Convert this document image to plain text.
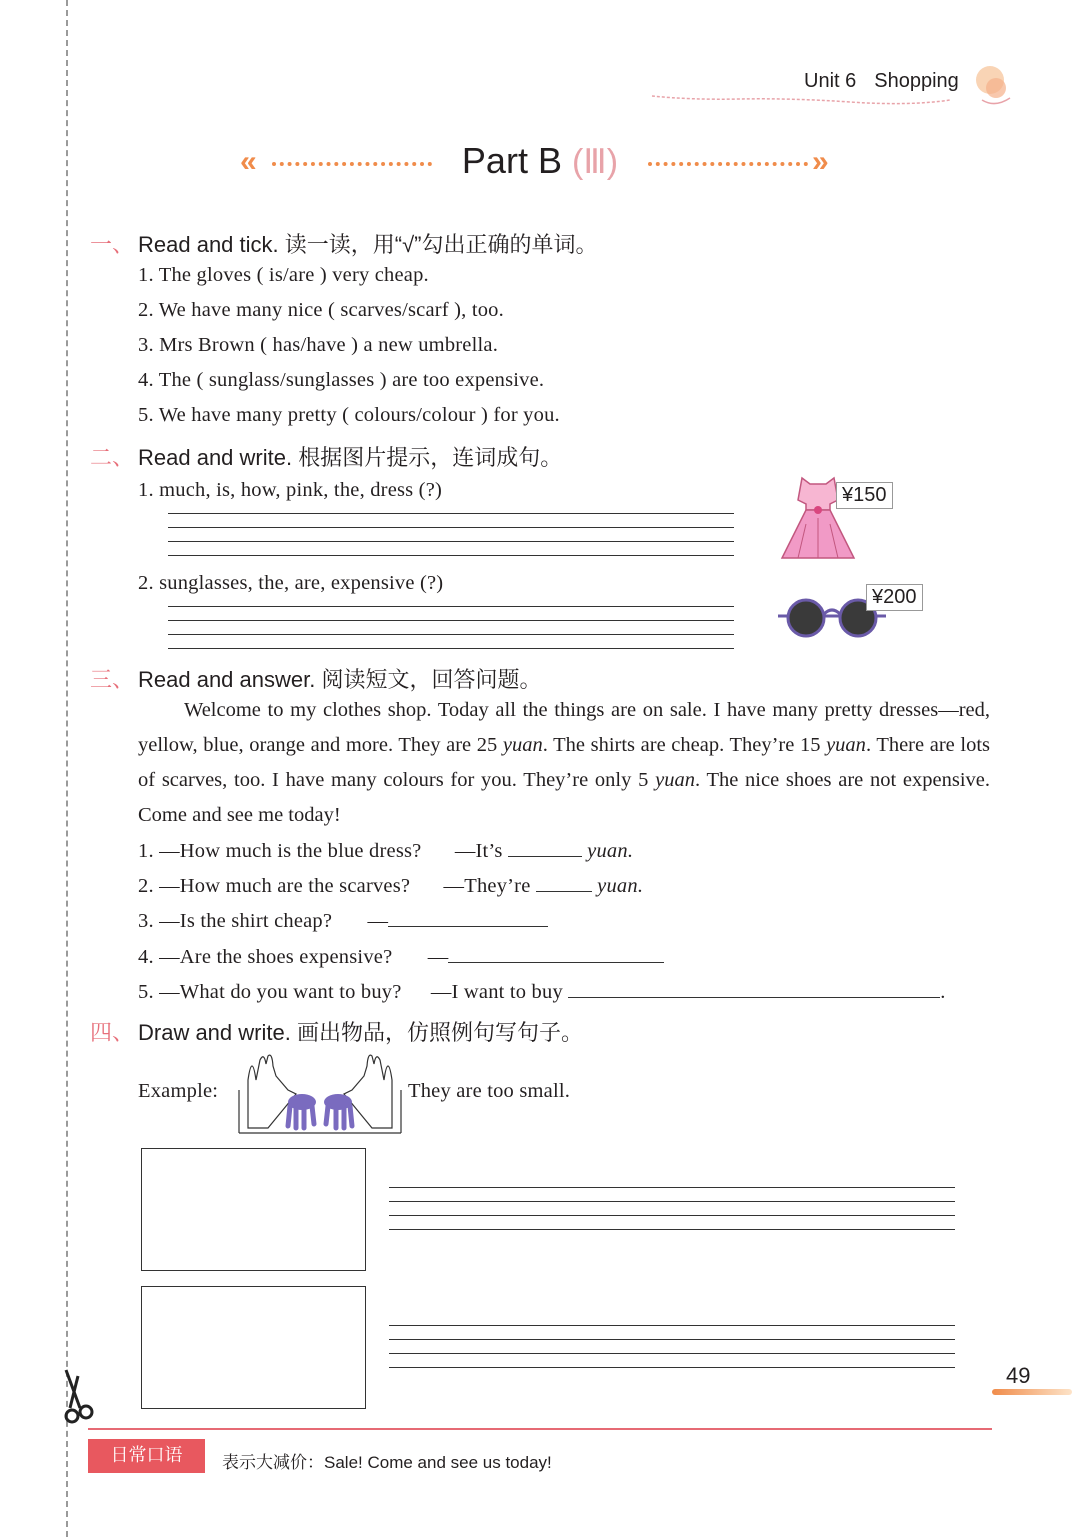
Unit 6 Shopping
«	Part B (Ⅲ)	»
一、 Read and tick. 读一读，用“√”勾出正确的单词。
1. The gloves ( is/are ) very cheap.
2. We have many nice ( scarves/scarf ), too.
3. Mrs Brown ( has/have ) a new umbrella.
4. The ( sunglass/sunglasses ) are too expensive.
5. We have many pretty ( colours/colour ) for you.
二、 Read and write. 根据图片提示，连词成句。
1. much, is, how, pink, the, dress (?)
2. sunglasses, the, are, expensive (?)
¥150
¥200
三、 Read and answer. 阅读短文，回答问题。
Welcome to my clothes shop. Today all the things are on sale. I have many pretty dresses—red, yellow, blue, orange and more. They are 25 yuan. The shirts are cheap. They’re 15 yuan. There are lots of scarves, too. I have many colours for you. They’re only 5 yuan. The nice shoes are not expensive. Come and see me today!
1. —How much is the blue dress? —It’s	yuan.
2. —How much are the scarves? —They’re	yuan.
3. —Is the shirt cheap? —
4. —Are the shoes expensive? —
5. —What do you want to buy? —I want to buy	.
四、 Draw and write. 画出物品，仿照例句写句子。
Example:	They are too small.
49
日常口语	表示大减价：Sale! Come and see us today!
